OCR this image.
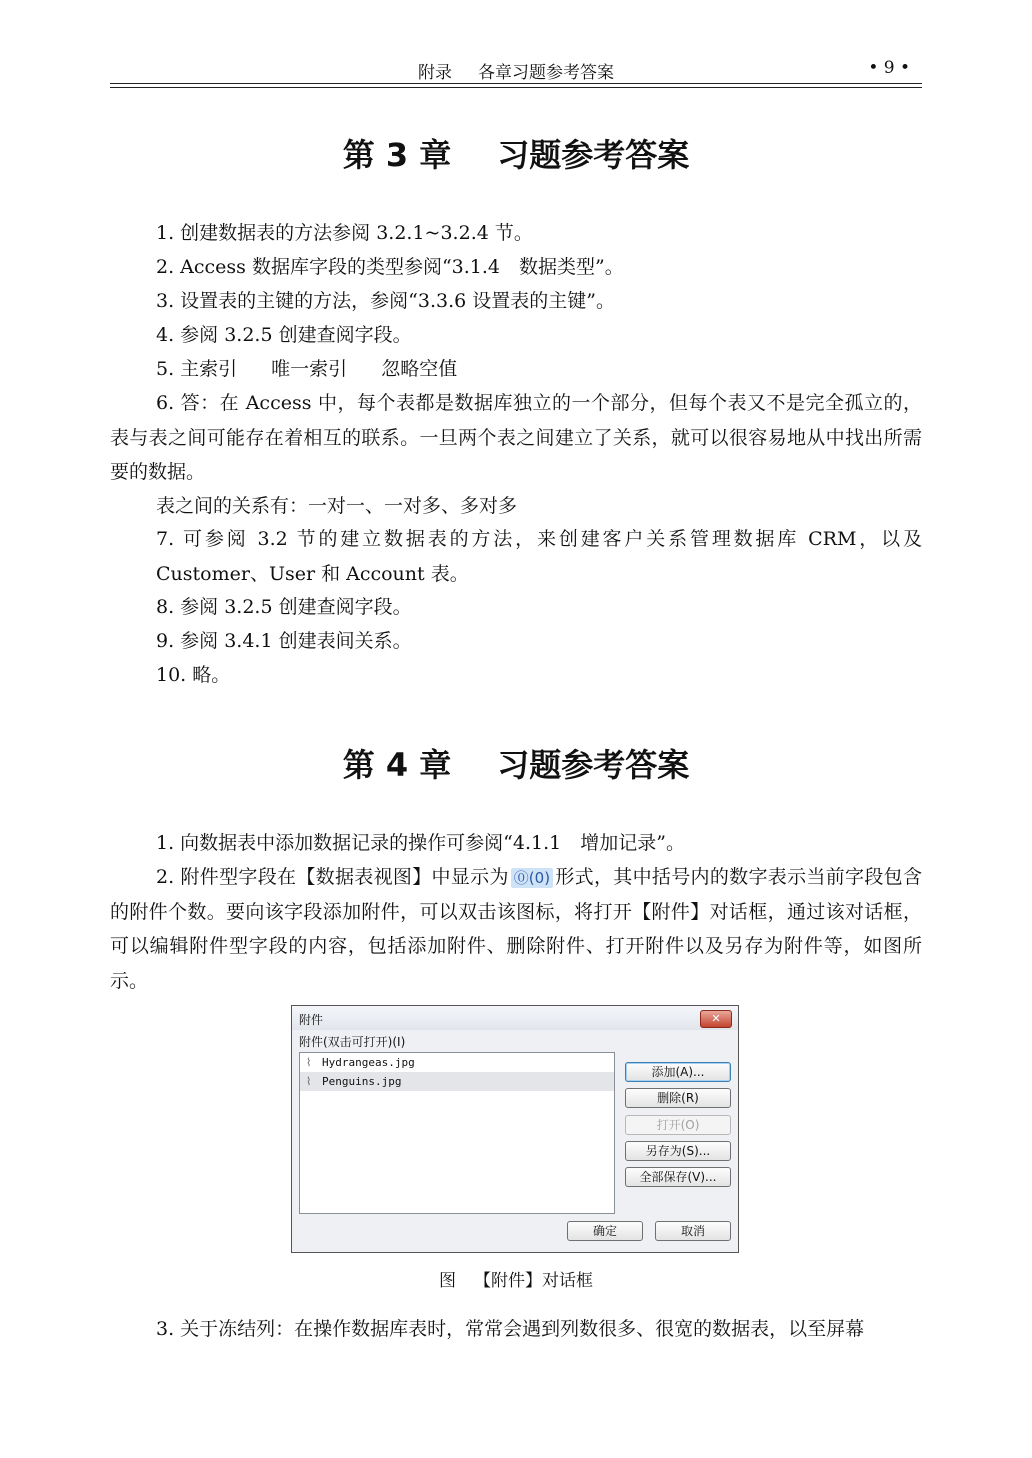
附录 各章习题参考答案	• 9 •
第 3 章 习题参考答案
1. 创建数据表的方法参阅 3.2.1~3.2.4 节。
2. Access 数据库字段的类型参阅“3.1.4　数据类型”。
3. 设置表的主键的方法，参阅“3.3.6 设置表的主键”。
4. 参阅 3.2.5 创建查阅字段。
5. 主索引 唯一索引 忽略空值
6. 答：在 Access 中，每个表都是数据库独立的一个部分，但每个表又不是完全孤立的，表与表之间可能存在着相互的联系。一旦两个表之间建立了关系，就可以很容易地从中找出所需要的数据。
表之间的关系有：一对一、一对多、多对多
7. 可参阅 3.2 节的建立数据表的方法，来创建客户关系管理数据库 CRM，以及 Customer、User 和 Account 表。
8. 参阅 3.2.5 创建查阅字段。
9. 参阅 3.4.1 创建表间关系。
10. 略。
第 4 章 习题参考答案
1. 向数据表中添加数据记录的操作可参阅“4.1.1　增加记录”。
2. 附件型字段在【数据表视图】中显示为 ⓪(0) 形式，其中括号内的数字表示当前字段包含的附件个数。要向该字段添加附件，可以双击该图标，将打开【附件】对话框，通过该对话框，可以编辑附件型字段的内容，包括添加附件、删除附件、打开附件以及另存为附件等，如图所示。
附件	✕
附件(双击可打开)(I)
⌇ Hydrangeas.jpg
⌇ Penguins.jpg
添加(A)...
删除(R)
打开(O)
另存为(S)...
全部保存(V)...
确定	取消
图 【附件】对话框
3. 关于冻结列：在操作数据库表时，常常会遇到列数很多、很宽的数据表，以至屏幕
